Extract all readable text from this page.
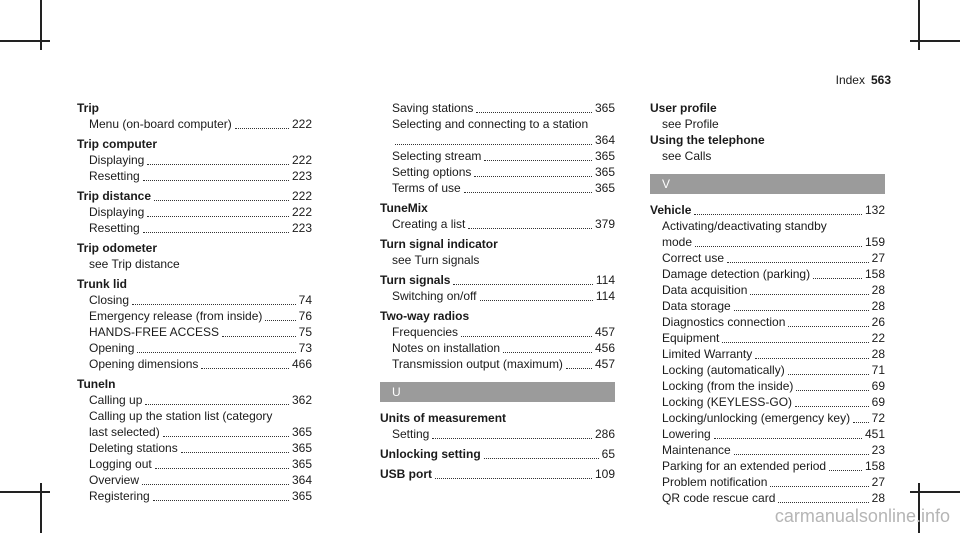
Index 563
Trip
Menu (on-board computer)	222
Trip computer
Displaying	222
Resetting	223
Trip distance	222
Displaying	222
Resetting	223
Trip odometer
see Trip distance
Trunk lid
Closing	74
Emergency release (from inside)	76
HANDS-FREE ACCESS	75
Opening	73
Opening dimensions	466
TuneIn
Calling up	362
Calling up the station list (category
last selected)	365
Deleting stations	365
Logging out	365
Overview	364
Registering	365
Saving stations	365
Selecting and connecting to a station
364
Selecting stream	365
Setting options	365
Terms of use	365
TuneMix
Creating a list	379
Turn signal indicator
see Turn signals
Turn signals	114
Switching on/off	114
Two-way radios
Frequencies	457
Notes on installation	456
Transmission output (maximum)	457
U
Units of measurement
Setting	286
Unlocking setting	65
USB port	109
User profile
see Profile
Using the telephone
see Calls
V
Vehicle	132
Activating/deactivating standby
mode	159
Correct use	27
Damage detection (parking)	158
Data acquisition	28
Data storage	28
Diagnostics connection	26
Equipment	22
Limited Warranty	28
Locking (automatically)	71
Locking (from the inside)	69
Locking (KEYLESS-GO)	69
Locking/unlocking (emergency key) 72
Lowering	451
Maintenance	23
Parking for an extended period	158
Problem notification	27
QR code rescue card	28
carmanualsonline.info
